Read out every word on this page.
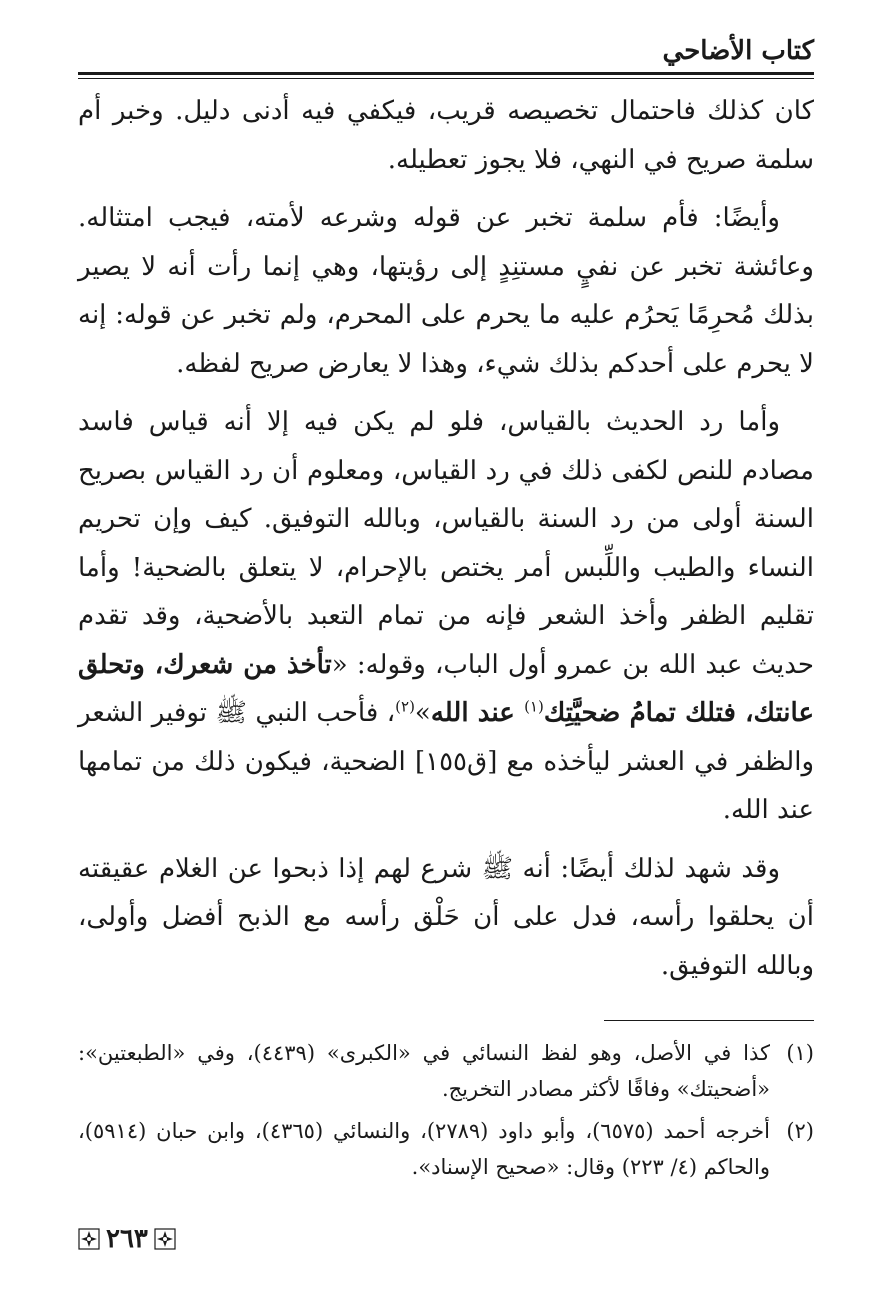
كتاب الأضاحي

كان كذلك فاحتمال تخصيصه قريب، فيكفي فيه أدنى دليل. وخبر أم سلمة صريح في النهي، فلا يجوز تعطيله.

وأيضًا: فأم سلمة تخبر عن قوله وشرعه لأمته، فيجب امتثاله. وعائشة تخبر عن نفيٍ مستنِدٍ إلى رؤيتها، وهي إنما رأت أنه لا يصير بذلك مُحرِمًا يَحرُم عليه ما يحرم على المحرم، ولم تخبر عن قوله: إنه لا يحرم على أحدكم بذلك شيء، وهذا لا يعارض صريح لفظه.

وأما رد الحديث بالقياس، فلو لم يكن فيه إلا أنه قياس فاسد مصادم للنص لكفى ذلك في رد القياس، ومعلوم أن رد القياس بصريح السنة أولى من رد السنة بالقياس، وبالله التوفيق. كيف وإن تحريم النساء والطيب واللِّبس أمر يختص بالإحرام، لا يتعلق بالضحية! وأما تقليم الظفر وأخذ الشعر فإنه من تمام التعبد بالأضحية، وقد تقدم حديث عبد الله بن عمرو أول الباب، وقوله: «تأخذ من شعرك، وتحلق عانتك، فتلك تمامُ ضحيَّتِك$^{(١)}$ عند الله»$^{(٢)}$، فأحب النبي ﷺ توفير الشعر والظفر في العشر ليأخذه مع [ق١٥٥] الضحية، فيكون ذلك من تمامها عند الله.

وقد شهد لذلك أيضًا: أنه ﷺ شرع لهم إذا ذبحوا عن الغلام عقيقته أن يحلقوا رأسه، فدل على أن حَلْق رأسه مع الذبح أفضل وأولى، وبالله التوفيق.

(١)
كذا في الأصل، وهو لفظ النسائي في «الكبرى» (٤٤٣٩)، وفي «الطبعتين»: «أضحيتك» وفاقًا لأكثر مصادر التخريج.
(٢)
أخرجه أحمد (٦٥٧٥)، وأبو داود (٢٧٨٩)، والنسائي (٤٣٦٥)، وابن حبان (٥٩١٤)، والحاكم (٤/ ٢٢٣) وقال: «صحيح الإسناد».
٢٦٣
